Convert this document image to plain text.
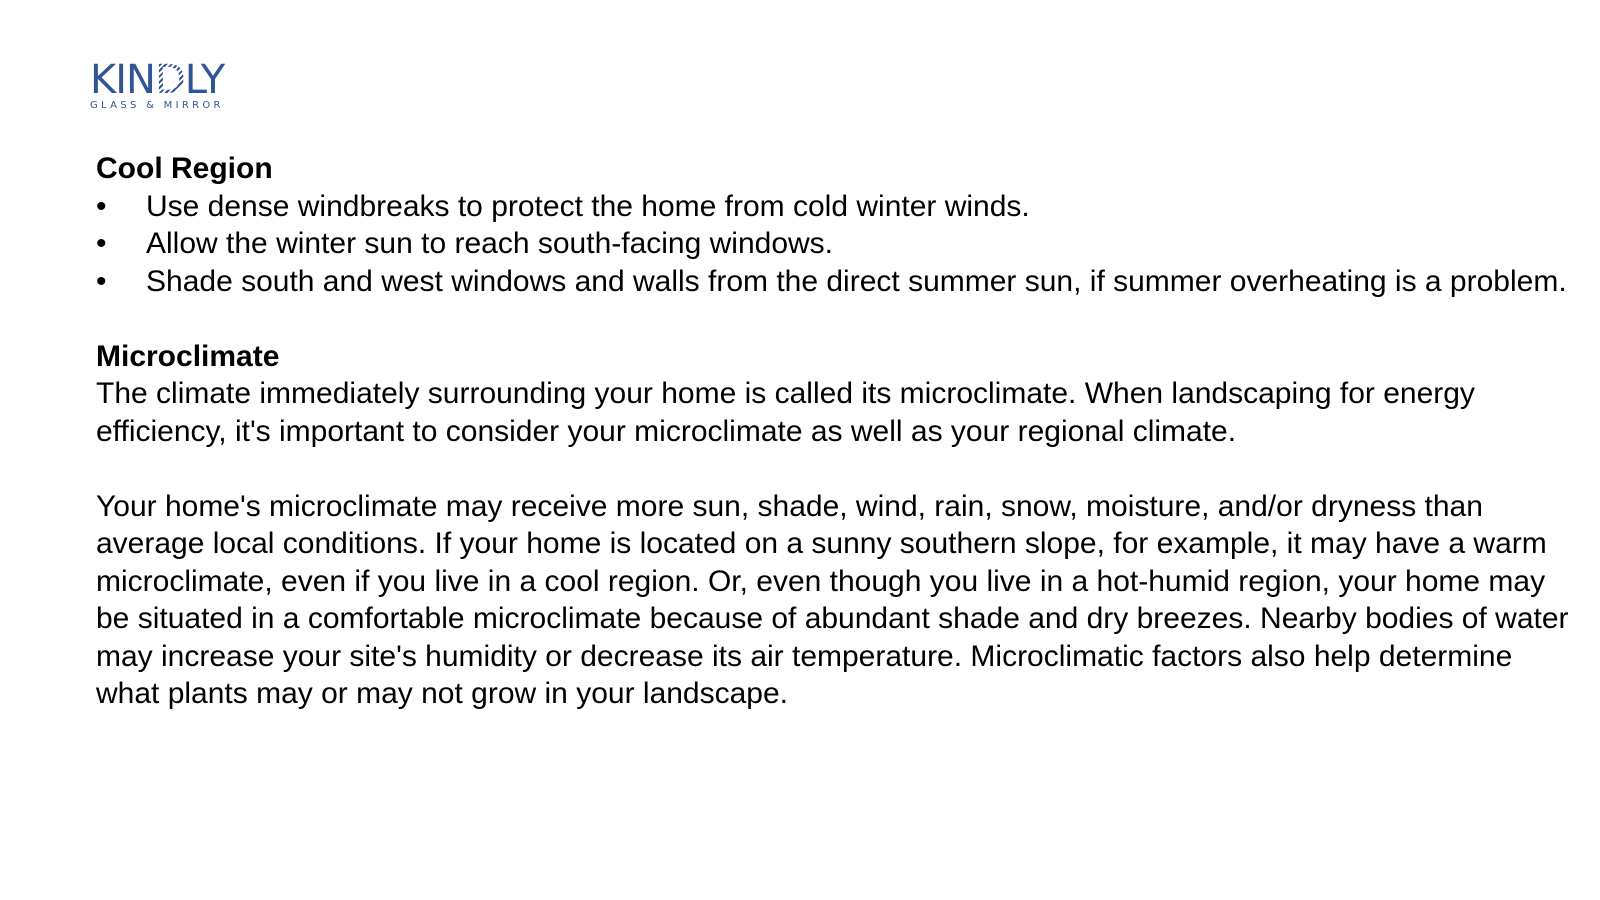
KINDLY
GLASS & MIRROR
Cool Region
• Use dense windbreaks to protect the home from cold winter winds.
• Allow the winter sun to reach south-facing windows.
• Shade south and west windows and walls from the direct summer sun, if summer overheating is a problem.
Microclimate

The climate immediately surrounding your home is called its microclimate. When landscaping for energy efficiency, it's important to consider your microclimate as well as your regional climate.

Your home's microclimate may receive more sun, shade, wind, rain, snow, moisture, and/or dryness than average local conditions. If your home is located on a sunny southern slope, for example, it may have a warm microclimate, even if you live in a cool region. Or, even though you live in a hot-humid region, your home may be situated in a comfortable microclimate because of abundant shade and dry breezes. Nearby bodies of water may increase your site's humidity or decrease its air temperature. Microclimatic factors also help determine what plants may or may not grow in your landscape.
